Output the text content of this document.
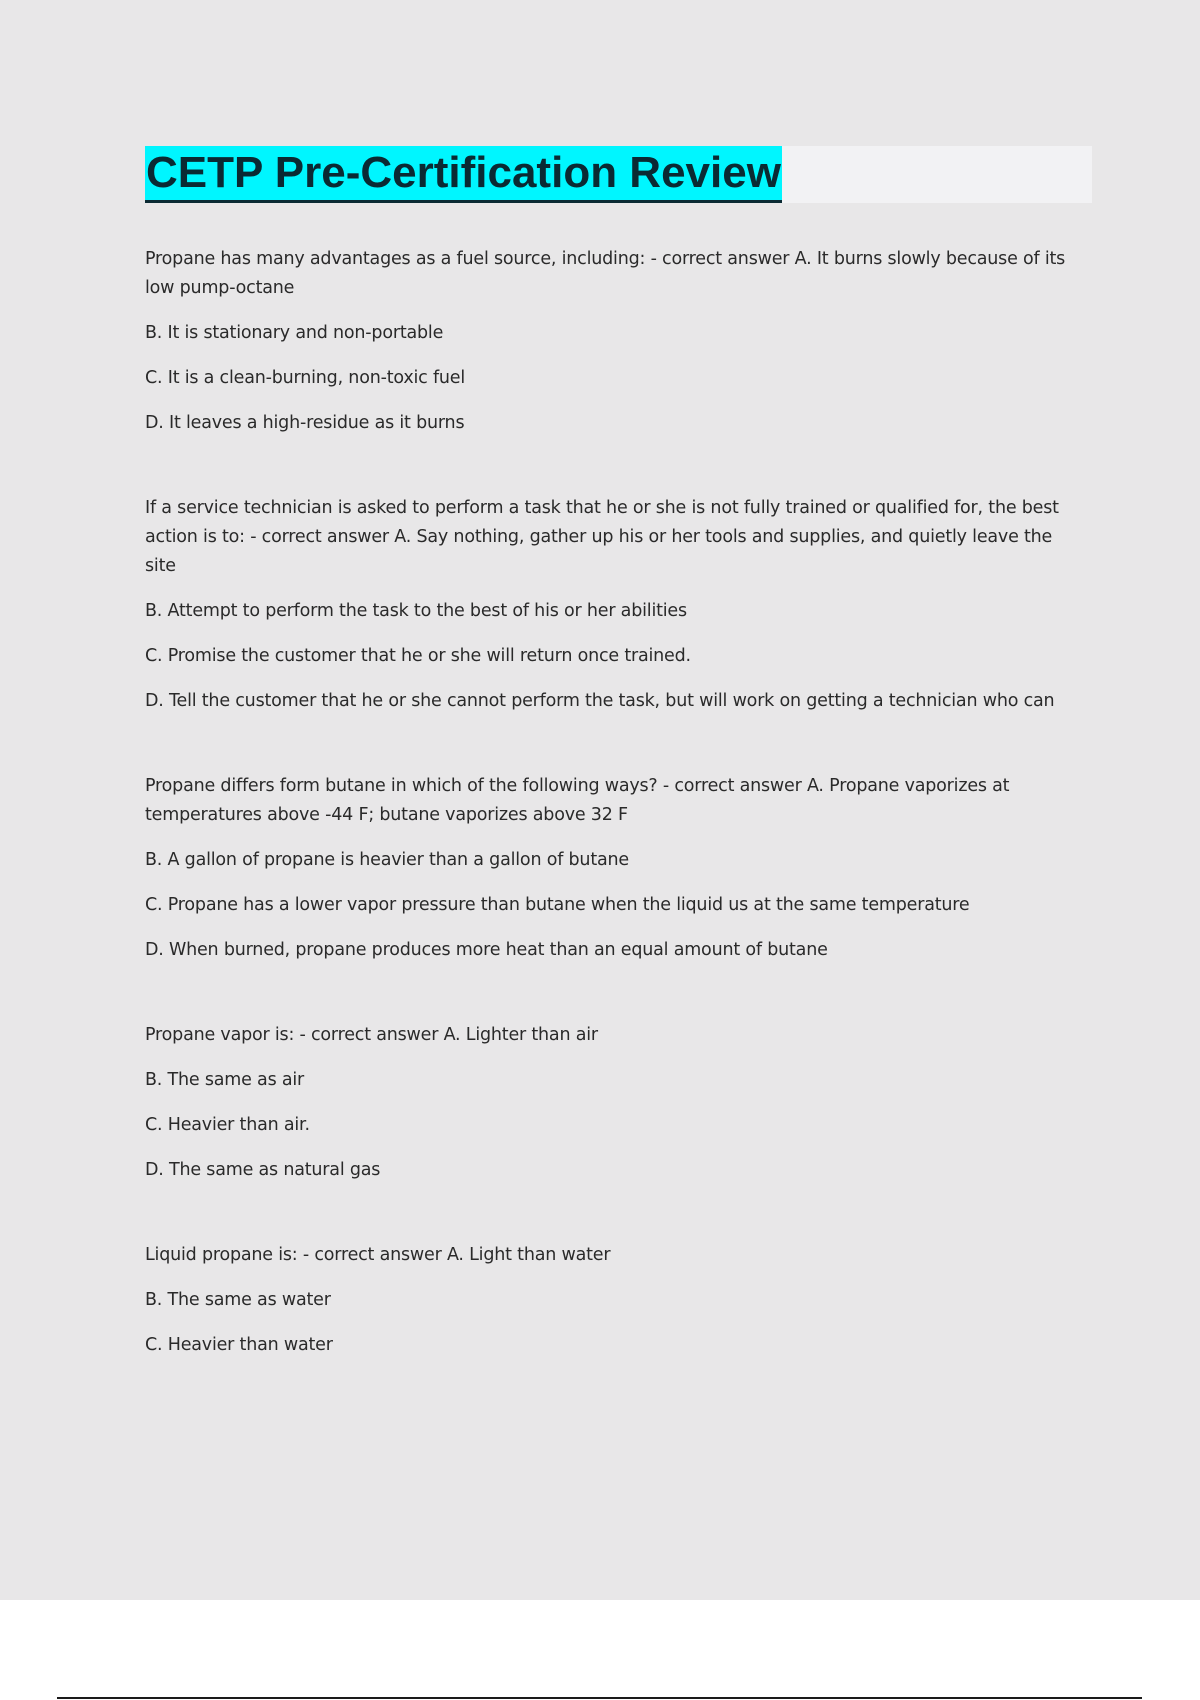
CETP Pre-Certification Review

Propane has many advantages as a fuel source, including: - correct answer A. It burns slowly because of its low pump-octane

B. It is stationary and non-portable

C. It is a clean-burning, non-toxic fuel

D. It leaves a high-residue as it burns

If a service technician is asked to perform a task that he or she is not fully trained or qualified for, the best action is to: - correct answer A. Say nothing, gather up his or her tools and supplies, and quietly leave the site

B. Attempt to perform the task to the best of his or her abilities

C. Promise the customer that he or she will return once trained.

D. Tell the customer that he or she cannot perform the task, but will work on getting a technician who can

Propane differs form butane in which of the following ways? - correct answer A. Propane vaporizes at temperatures above -44 F; butane vaporizes above 32 F

B. A gallon of propane is heavier than a gallon of butane

C. Propane has a lower vapor pressure than butane when the liquid us at the same temperature

D. When burned, propane produces more heat than an equal amount of butane

Propane vapor is: - correct answer A. Lighter than air

B. The same as air

C. Heavier than air.

D. The same as natural gas

Liquid propane is: - correct answer A. Light than water

B. The same as water

C. Heavier than water
